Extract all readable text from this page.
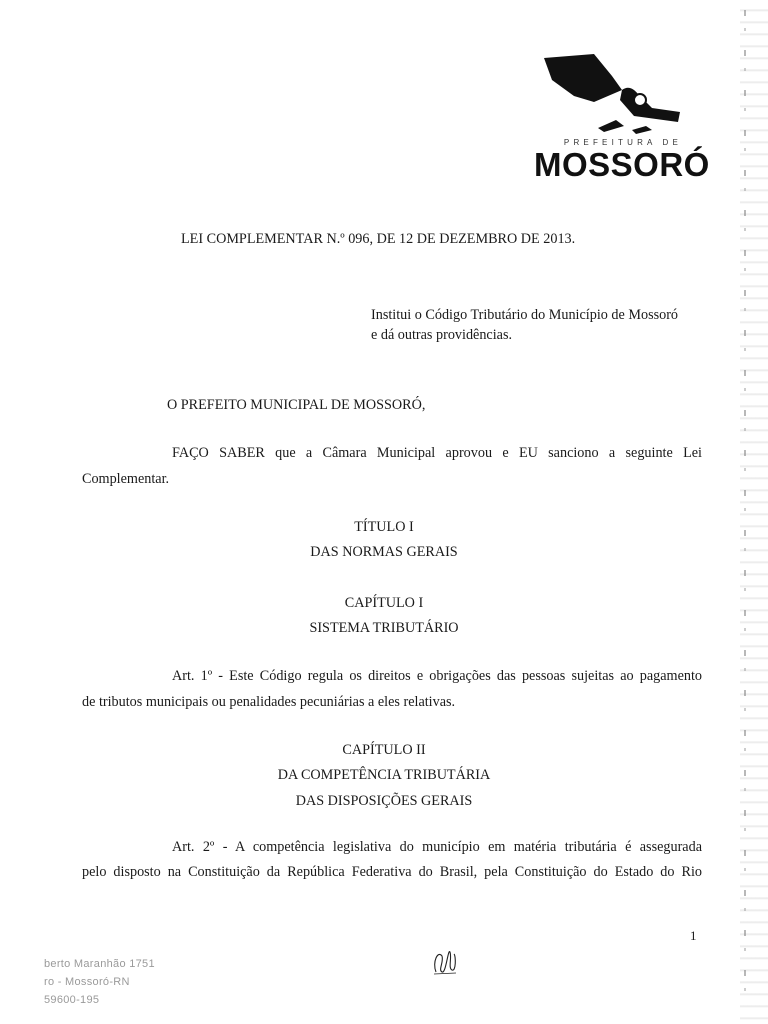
PREFEITURA DE
MOSSORÓ
LEI COMPLEMENTAR N.º 096, DE 12 DE DEZEMBRO DE 2013.
Institui o Código Tributário do Município de Mossoró
e dá outras providências.
O PREFEITO MUNICIPAL DE MOSSORÓ,
FAÇO SABER que a Câmara Municipal aprovou e EU sanciono a seguinte Lei
Complementar.
TÍTULO I
DAS NORMAS GERAIS
CAPÍTULO I
SISTEMA TRIBUTÁRIO
Art. 1º - Este Código regula os direitos e obrigações das pessoas sujeitas ao pagamento
de tributos municipais ou penalidades pecuniárias a eles relativas.
CAPÍTULO II
DA COMPETÊNCIA TRIBUTÁRIA
DAS DISPOSIÇÕES GERAIS
Art. 2º - A competência legislativa do município em matéria tributária é assegurada
pelo disposto na Constituição da República Federativa do Brasil, pela Constituição do Estado do Rio
1
berto Maranhão 1751
ro - Mossoró-RN
59600-195
